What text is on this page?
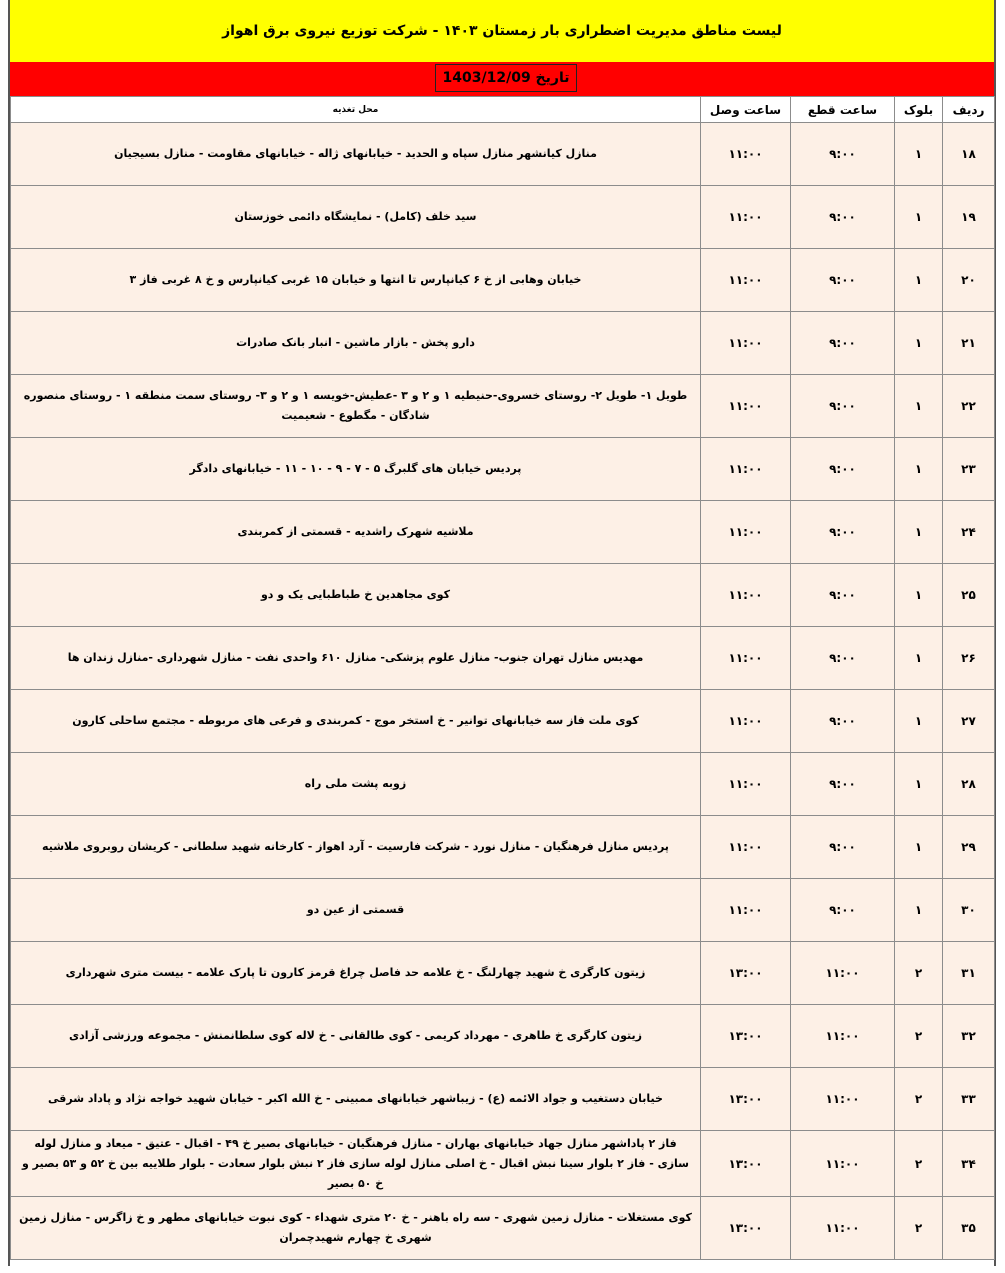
لیست مناطق مدیریت اضطراری بار زمستان ۱۴۰۳ - شرکت توزیع نیروی برق اهواز
تاریخ 1403/12/09
ردیف	بلوک	ساعت قطع	ساعت وصل	محل تغذیه
۱۸	۱	۹:۰۰	۱۱:۰۰	منازل کیانشهر منازل سپاه و الحدید - خیابانهای ژاله - خیابانهای مقاومت - منازل بسیجیان
۱۹	۱	۹:۰۰	۱۱:۰۰	سید خلف (کامل) - نمایشگاه دائمی خوزستان
۲۰	۱	۹:۰۰	۱۱:۰۰	خیابان وهابی از خ ۶ کیانپارس تا انتها و خیابان ۱۵ غربی کیانپارس و خ ۸ غربی فاز ۳
۲۱	۱	۹:۰۰	۱۱:۰۰	دارو پخش - بازار ماشین - انبار بانک صادرات
۲۲	۱	۹:۰۰	۱۱:۰۰	طویل ۱- طویل ۲- روستای خسروی-حنیطیه ۱ و ۲ و ۳ -عطیش-خویسه ۱ و ۲ و ۳- روستای سمت منطقه ۱ - روستای منصوره شادگان - مگطوع - شعیمیت
۲۳	۱	۹:۰۰	۱۱:۰۰	پردیس خیابان های گلبرگ ۵ - ۷ - ۹ - ۱۰ - ۱۱ - خیابانهای دادگر
۲۴	۱	۹:۰۰	۱۱:۰۰	ملاشیه شهرک راشدیه - قسمتی از کمربندی
۲۵	۱	۹:۰۰	۱۱:۰۰	کوی مجاهدین خ طباطبایی یک و دو
۲۶	۱	۹:۰۰	۱۱:۰۰	مهدیس منازل تهران جنوب- منازل علوم پزشکی- منازل ۶۱۰ واحدی نفت - منازل شهرداری -منازل زندان ها
۲۷	۱	۹:۰۰	۱۱:۰۰	کوی ملت فاز سه خیابانهای توانیر - خ استخر موج - کمربندی و فرعی های مربوطه - مجتمع ساحلی کارون
۲۸	۱	۹:۰۰	۱۱:۰۰	زوبه پشت ملی راه
۲۹	۱	۹:۰۰	۱۱:۰۰	پردیس منازل فرهنگیان - منازل نورد - شرکت فارسیت - آرد اهواز - کارخانه شهید سلطانی - کریشان روبروی ملاشیه
۳۰	۱	۹:۰۰	۱۱:۰۰	قسمتی از عین دو
۳۱	۲	۱۱:۰۰	۱۳:۰۰	زیتون کارگری خ شهید چهارلنگ - خ علامه حد فاصل چراغ قرمز کارون تا پارک علامه - بیست متری شهرداری
۳۲	۲	۱۱:۰۰	۱۳:۰۰	زیتون کارگری خ طاهری - مهرداد کریمی - کوی طالقانی - خ لاله کوی سلطانمنش - مجموعه ورزشی آزادی
۳۳	۲	۱۱:۰۰	۱۳:۰۰	خیابان دستغیب و جواد الائمه (ع) - زیباشهر خیابانهای ممبینی - خ الله اکبر - خیابان شهید خواجه نژاد و پاداد شرقی
۳۴	۲	۱۱:۰۰	۱۳:۰۰	فاز ۲ پاداشهر منازل جهاد خیابانهای بهاران - منازل فرهنگیان - خیابانهای بصیر خ ۴۹ - اقبال - عتیق - میعاد و منازل لوله سازی - فاز ۲ بلوار سینا نبش اقبال - خ اصلی منازل لوله سازی فاز ۲ نبش بلوار سعادت - بلوار طلاییه بین خ ۵۲ و ۵۳ بصیر و خ ۵۰ بصیر
۳۵	۲	۱۱:۰۰	۱۳:۰۰	کوی مستغلات - منازل زمین شهری - سه راه باهنر - خ ۲۰ متری شهداء - کوی نبوت خیابانهای مطهر و خ زاگرس - منازل زمین شهری خ چهارم شهیدچمران
